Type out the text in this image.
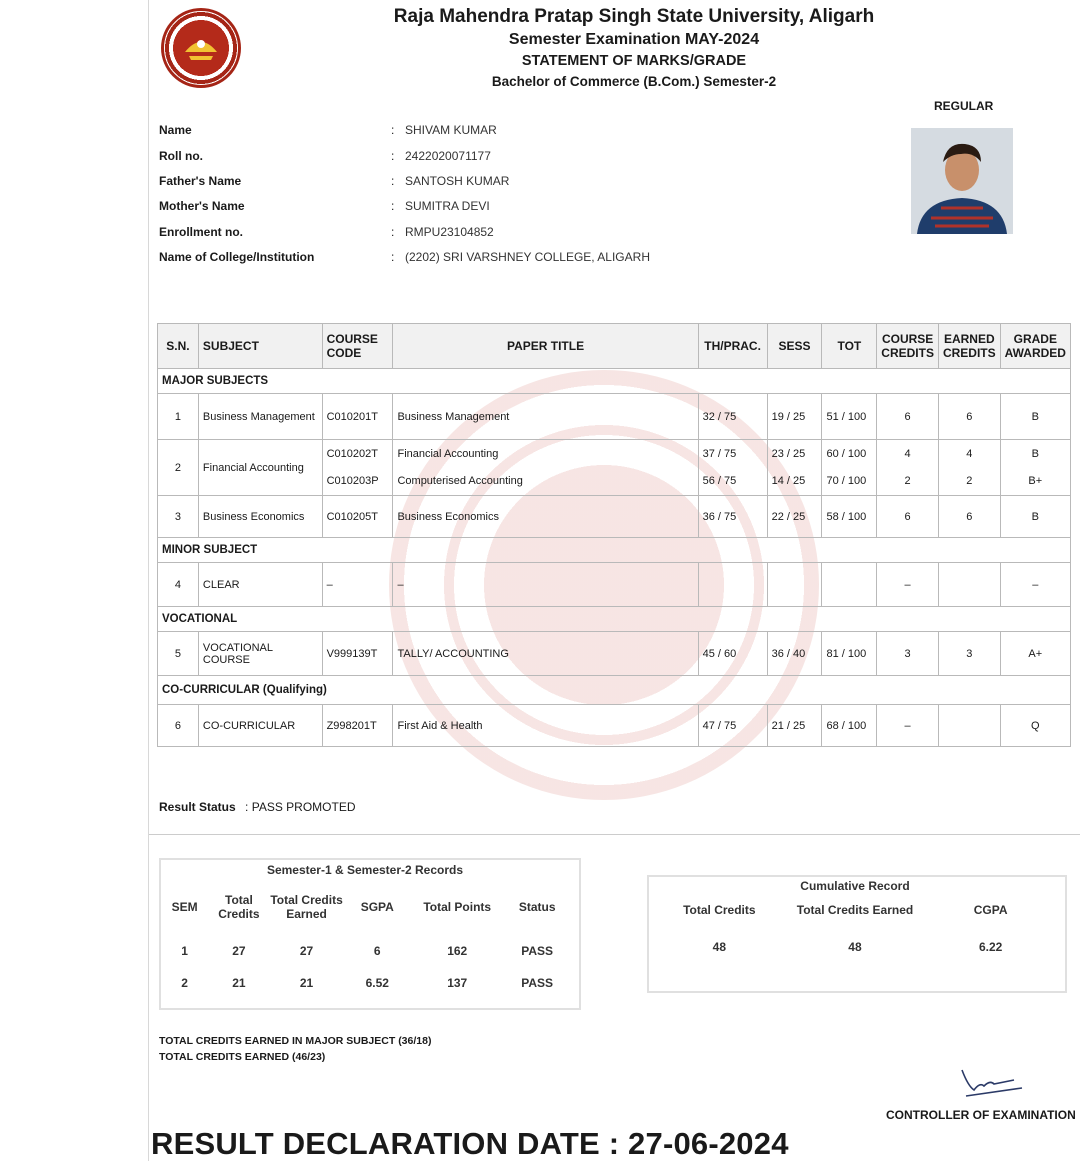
Raja Mahendra Pratap Singh State University, Aligarh
Semester Examination MAY-2024
STATEMENT OF MARKS/GRADE
Bachelor of Commerce (B.Com.) Semester-2
REGULAR
Name	: SHIVAM KUMAR
Roll no.	: 2422020071177
Father's Name	: SANTOSH KUMAR
Mother's Name	: SUMITRA DEVI
Enrollment no.	: RMPU23104852
Name of College/Institution	: (2202) SRI VARSHNEY COLLEGE, ALIGARH
S.N.	SUBJECT	COURSE CODE	PAPER TITLE	TH/PRAC.	SESS	TOT	COURSE CREDITS	EARNED CREDITS	GRADE AWARDED
MAJOR SUBJECTS									
1	Business Management	C010201T	Business Management	32 / 75	19 / 25	51 / 100	6	6	B
2	Financial Accounting	C010202T	Financial Accounting	37 / 75	23 / 25	60 / 100	4	4	B
		C010203P	Computerised Accounting	56 / 75	14 / 25	70 / 100	2	2	B+
3	Business Economics	C010205T	Business Economics	36 / 75	22 / 25	58 / 100	6	6	B
MINOR SUBJECT									
4	CLEAR	–	–				–		–
VOCATIONAL									
5	VOCATIONAL COURSE	V999139T	TALLY/ ACCOUNTING	45 / 60	36 / 40	81 / 100	3	3	A+
CO-CURRICULAR (Qualifying)									
6	CO-CURRICULAR	Z998201T	First Aid & Health	47 / 75	21 / 25	68 / 100	–		Q
Result Status : PASS PROMOTED
Semester-1 & Semester-2 Records
SEM	Total Credits	Total Credits Earned	SGPA	Total Points	Status
1	27	27	6	162	PASS
2	21	21	6.52	137	PASS
	Cumulative Record	
Total Credits	Total Credits Earned	CGPA
48	48	6.22
TOTAL CREDITS EARNED IN MAJOR SUBJECT (36/18)
TOTAL CREDITS EARNED (46/23)
CONTROLLER OF EXAMINATION
RESULT DECLARATION DATE : 27-06-2024
